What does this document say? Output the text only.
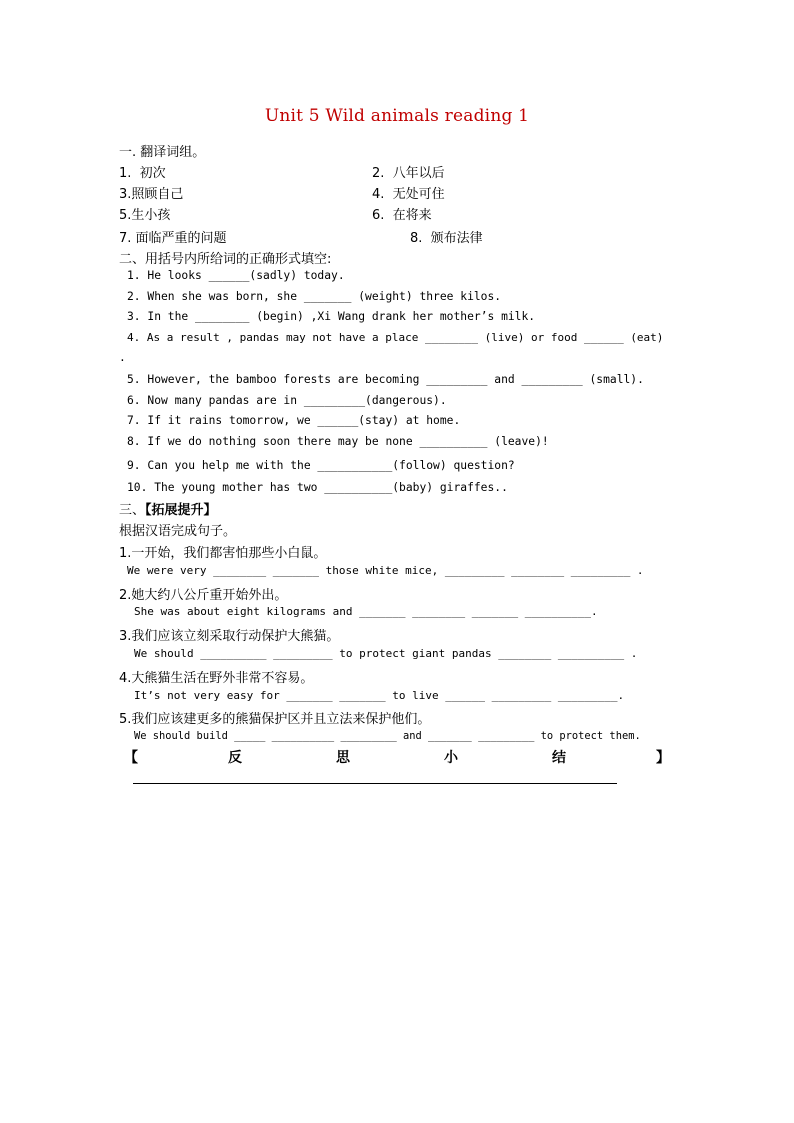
Unit 5 Wild animals reading 1
一. 翻译词组。
1. 初次	2. 八年以后
3.照顾自己	4. 无处可住
5.生小孩	6. 在将来
7. 面临严重的问题	8. 颁布法律
二、用括号内所给词的正确形式填空:
1. He looks ______(sadly) today.
2. When she was born, she _______ (weight) three kilos.
3. In the ________ (begin) ,Xi Wang drank her mother’s milk.
4. As a result , pandas may not have a place ________ (live) or food ______ (eat)
.
5. However, the bamboo forests are becoming _________ and _________ (small).
6. Now many pandas are in _________(dangerous).
7. If it rains tomorrow, we ______(stay) at home.
8. If we do nothing soon there may be none __________ (leave)!
9. Can you help me with the ___________(follow) question?
10. The young mother has two __________(baby) giraffes..
三、【拓展提升】
根据汉语完成句子。
1.一开始，我们都害怕那些小白鼠。
We were very ________ _______ those white mice, _________ ________ _________ .
2.她大约八公斤重开始外出。
She was about eight kilograms and _______ ________ _______ __________.
3.我们应该立刻采取行动保护大熊猫。
We should __________ _________ to protect giant pandas ________ __________ .
4.大熊猫生活在野外非常不容易。
It’s not very easy for _______ _______ to live ______ _________ _________.
5.我们应该建更多的熊猫保护区并且立法来保护他们。
We should build _____ __________ _________ and _______ _________ to protect them.
【	反	思	小	结	】
